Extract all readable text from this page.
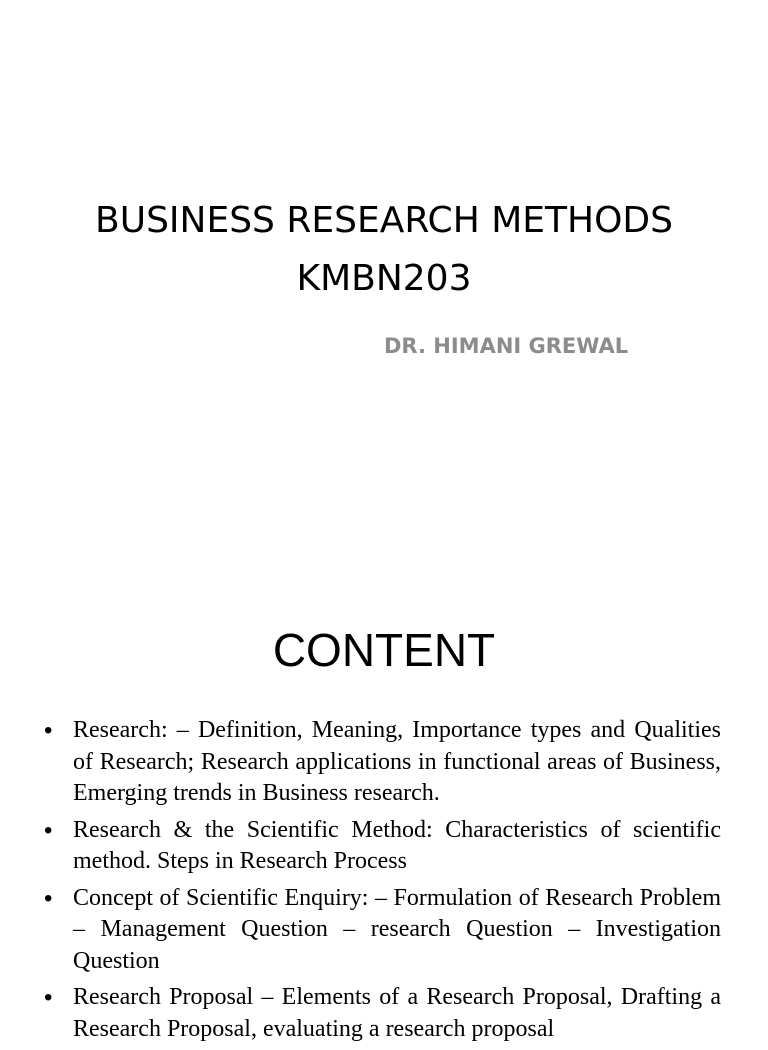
BUSINESS RESEARCH METHODS
KMBN203
DR. HIMANI GREWAL
CONTENT
• Research: – Definition, Meaning, Importance types and Qualities of Research; Research applications in functional areas of Business, Emerging trends in Business research.
• Research & the Scientific Method: Characteristics of scientific method. Steps in Research Process
• Concept of Scientific Enquiry: – Formulation of Research Problem – Management Question – research Question – Investigation Question
• Research Proposal – Elements of a Research Proposal, Drafting a Research Proposal, evaluating a research proposal
